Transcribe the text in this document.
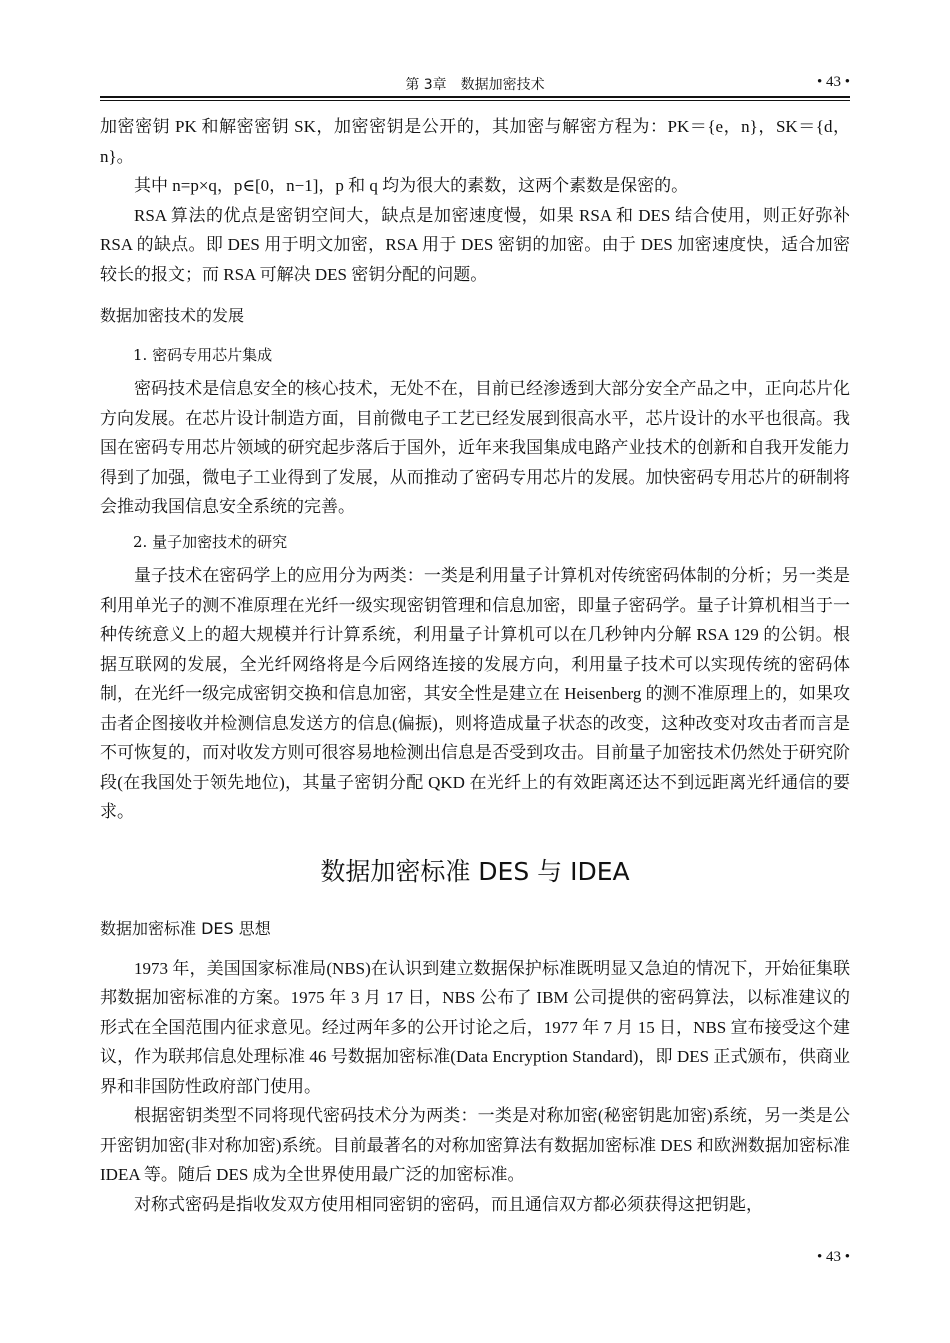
第 3章　数据加密技术	• 43 •

加密密钥 PK 和解密密钥 SK，加密密钥是公开的，其加密与解密方程为：PK＝{e，n}，SK＝{d，n}。

其中 n=p×q，p∈[0，n−1]，p 和 q 均为很大的素数，这两个素数是保密的。

RSA 算法的优点是密钥空间大，缺点是加密速度慢，如果 RSA 和 DES 结合使用，则正好弥补 RSA 的缺点。即 DES 用于明文加密，RSA 用于 DES 密钥的加密。由于 DES 加密速度快，适合加密较长的报文；而 RSA 可解决 DES 密钥分配的问题。

数据加密技术的发展

1. 密码专用芯片集成

密码技术是信息安全的核心技术，无处不在，目前已经渗透到大部分安全产品之中，正向芯片化方向发展。在芯片设计制造方面，目前微电子工艺已经发展到很高水平，芯片设计的水平也很高。我国在密码专用芯片领域的研究起步落后于国外，近年来我国集成电路产业技术的创新和自我开发能力得到了加强，微电子工业得到了发展，从而推动了密码专用芯片的发展。加快密码专用芯片的研制将会推动我国信息安全系统的完善。

2. 量子加密技术的研究

量子技术在密码学上的应用分为两类：一类是利用量子计算机对传统密码体制的分析；另一类是利用单光子的测不准原理在光纤一级实现密钥管理和信息加密，即量子密码学。量子计算机相当于一种传统意义上的超大规模并行计算系统，利用量子计算机可以在几秒钟内分解 RSA 129 的公钥。根据互联网的发展，全光纤网络将是今后网络连接的发展方向，利用量子技术可以实现传统的密码体制，在光纤一级完成密钥交换和信息加密，其安全性是建立在 Heisenberg 的测不准原理上的，如果攻击者企图接收并检测信息发送方的信息(偏振)，则将造成量子状态的改变，这种改变对攻击者而言是不可恢复的，而对收发方则可很容易地检测出信息是否受到攻击。目前量子加密技术仍然处于研究阶段(在我国处于领先地位)，其量子密钥分配 QKD 在光纤上的有效距离还达不到远距离光纤通信的要求。

数据加密标准 DES 与 IDEA

数据加密标准 DES 思想

1973 年，美国国家标准局(NBS)在认识到建立数据保护标准既明显又急迫的情况下，开始征集联邦数据加密标准的方案。1975 年 3 月 17 日，NBS 公布了 IBM 公司提供的密码算法，以标准建议的形式在全国范围内征求意见。经过两年多的公开讨论之后，1977 年 7 月 15 日，NBS 宣布接受这个建议，作为联邦信息处理标准 46 号数据加密标准(Data Encryption Standard)，即 DES 正式颁布，供商业界和非国防性政府部门使用。

根据密钥类型不同将现代密码技术分为两类：一类是对称加密(秘密钥匙加密)系统，另一类是公开密钥加密(非对称加密)系统。目前最著名的对称加密算法有数据加密标准 DES 和欧洲数据加密标准 IDEA 等。随后 DES 成为全世界使用最广泛的加密标准。

对称式密码是指收发双方使用相同密钥的密码，而且通信双方都必须获得这把钥匙，

• 43 •
